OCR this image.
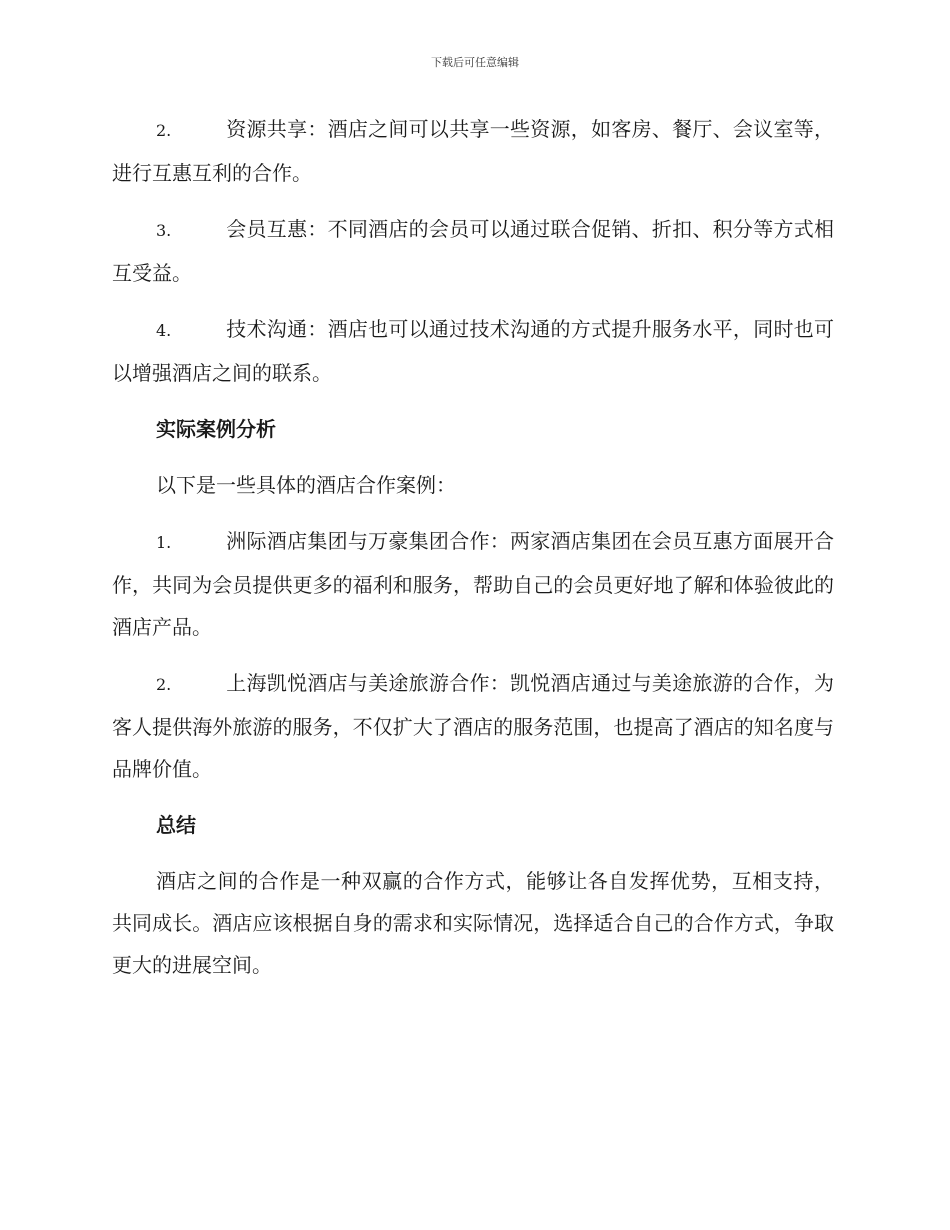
下载后可任意编辑
2.	资源共享：酒店之间可以共享一些资源，如客房、餐厅、会议室等，进行互惠互利的合作。
3.	会员互惠：不同酒店的会员可以通过联合促销、折扣、积分等方式相互受益。
4.	技术沟通：酒店也可以通过技术沟通的方式提升服务水平，同时也可以增强酒店之间的联系。
实际案例分析
以下是一些具体的酒店合作案例：
1.	洲际酒店集团与万豪集团合作：两家酒店集团在会员互惠方面展开合作，共同为会员提供更多的福利和服务，帮助自己的会员更好地了解和体验彼此的酒店产品。
2.	上海凯悦酒店与美途旅游合作：凯悦酒店通过与美途旅游的合作，为客人提供海外旅游的服务，不仅扩大了酒店的服务范围，也提高了酒店的知名度与品牌价值。
总结
酒店之间的合作是一种双赢的合作方式，能够让各自发挥优势，互相支持，共同成长。酒店应该根据自身的需求和实际情况，选择适合自己的合作方式，争取更大的进展空间。
